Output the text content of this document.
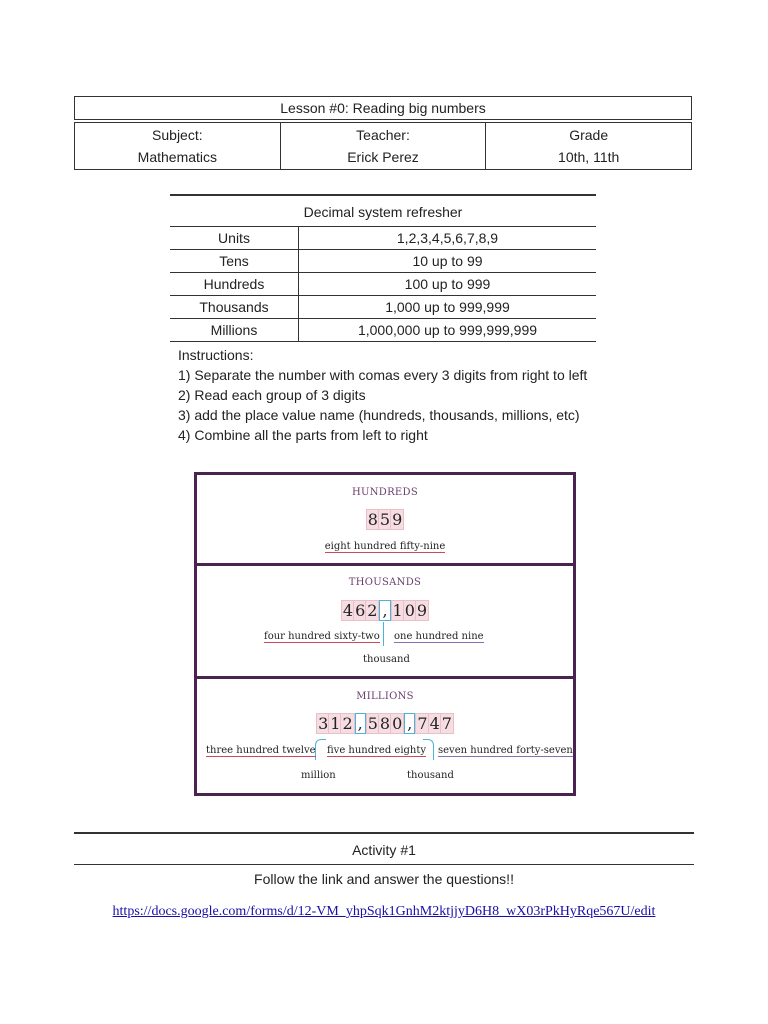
Lesson #0: Reading big numbers
Subject:
Mathematics
Teacher:
Erick Perez
Grade
10th, 11th
Decimal system refresher
Units	1,2,3,4,5,6,7,8,9
Tens	10 up to 99
Hundreds	100 up to 999
Thousands	1,000 up to 999,999
Millions	1,000,000 up to 999,999,999
Instructions:
1) Separate the number with comas every 3 digits from right to left
2) Read each group of 3 digits
3) add the place value name (hundreds, thousands, millions, etc)
4) Combine all the parts from left to right
HUNDREDS
8 5 9
eight hundred fifty-nine
THOUSANDS
4 6 2 , 1 0 9
four hundred sixty-two one hundred nine
thousand
MILLIONS
3 1 2 , 5 8 0 , 7 4 7
three hundred twelve five hundred eighty seven hundred forty-seven
million	thousand
Activity #1
Follow the link and answer the questions!!
https://docs.google.com/forms/d/12-VM_yhpSqk1GnhM2ktjjyD6H8_wX03rPkHyRqe567U/edit
